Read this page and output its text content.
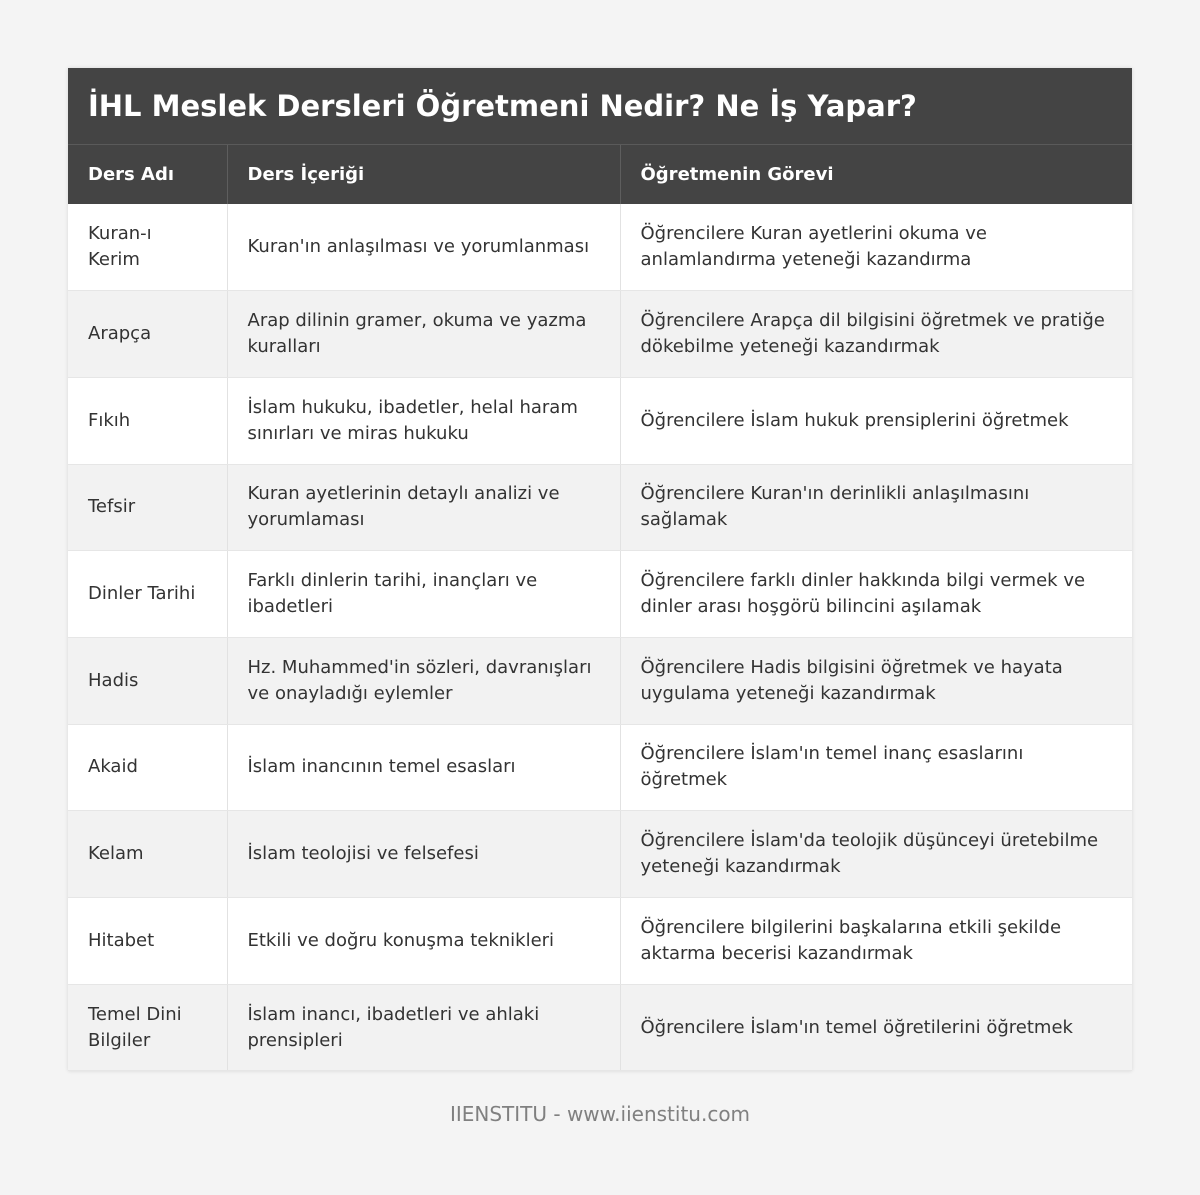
İHL Meslek Dersleri Öğretmeni Nedir? Ne İş Yapar?
Ders Adı	Ders İçeriği	Öğretmenin Görevi
Kuran-ı Kerim	Kuran'ın anlaşılması ve yorumlanması	Öğrencilere Kuran ayetlerini okuma ve anlamlandırma yeteneği kazandırma
Arapça	Arap dilinin gramer, okuma ve yazma kuralları	Öğrencilere Arapça dil bilgisini öğretmek ve pratiğe dökebilme yeteneği kazandırmak
Fıkıh	İslam hukuku, ibadetler, helal haram sınırları ve miras hukuku	Öğrencilere İslam hukuk prensiplerini öğretmek
Tefsir	Kuran ayetlerinin detaylı analizi ve yorumlaması	Öğrencilere Kuran'ın derinlikli anlaşılmasını sağlamak
Dinler Tarihi	Farklı dinlerin tarihi, inançları ve ibadetleri	Öğrencilere farklı dinler hakkında bilgi vermek ve dinler arası hoşgörü bilincini aşılamak
Hadis	Hz. Muhammed'in sözleri, davranışları ve onayladığı eylemler	Öğrencilere Hadis bilgisini öğretmek ve hayata uygulama yeteneği kazandırmak
Akaid	İslam inancının temel esasları	Öğrencilere İslam'ın temel inanç esaslarını öğretmek
Kelam	İslam teolojisi ve felsefesi	Öğrencilere İslam'da teolojik düşünceyi üretebilme yeteneği kazandırmak
Hitabet	Etkili ve doğru konuşma teknikleri	Öğrencilere bilgilerini başkalarına etkili şekilde aktarma becerisi kazandırmak
Temel Dini Bilgiler	İslam inancı, ibadetleri ve ahlaki prensipleri	Öğrencilere İslam'ın temel öğretilerini öğretmek
IIENSTITU - www.iienstitu.com
